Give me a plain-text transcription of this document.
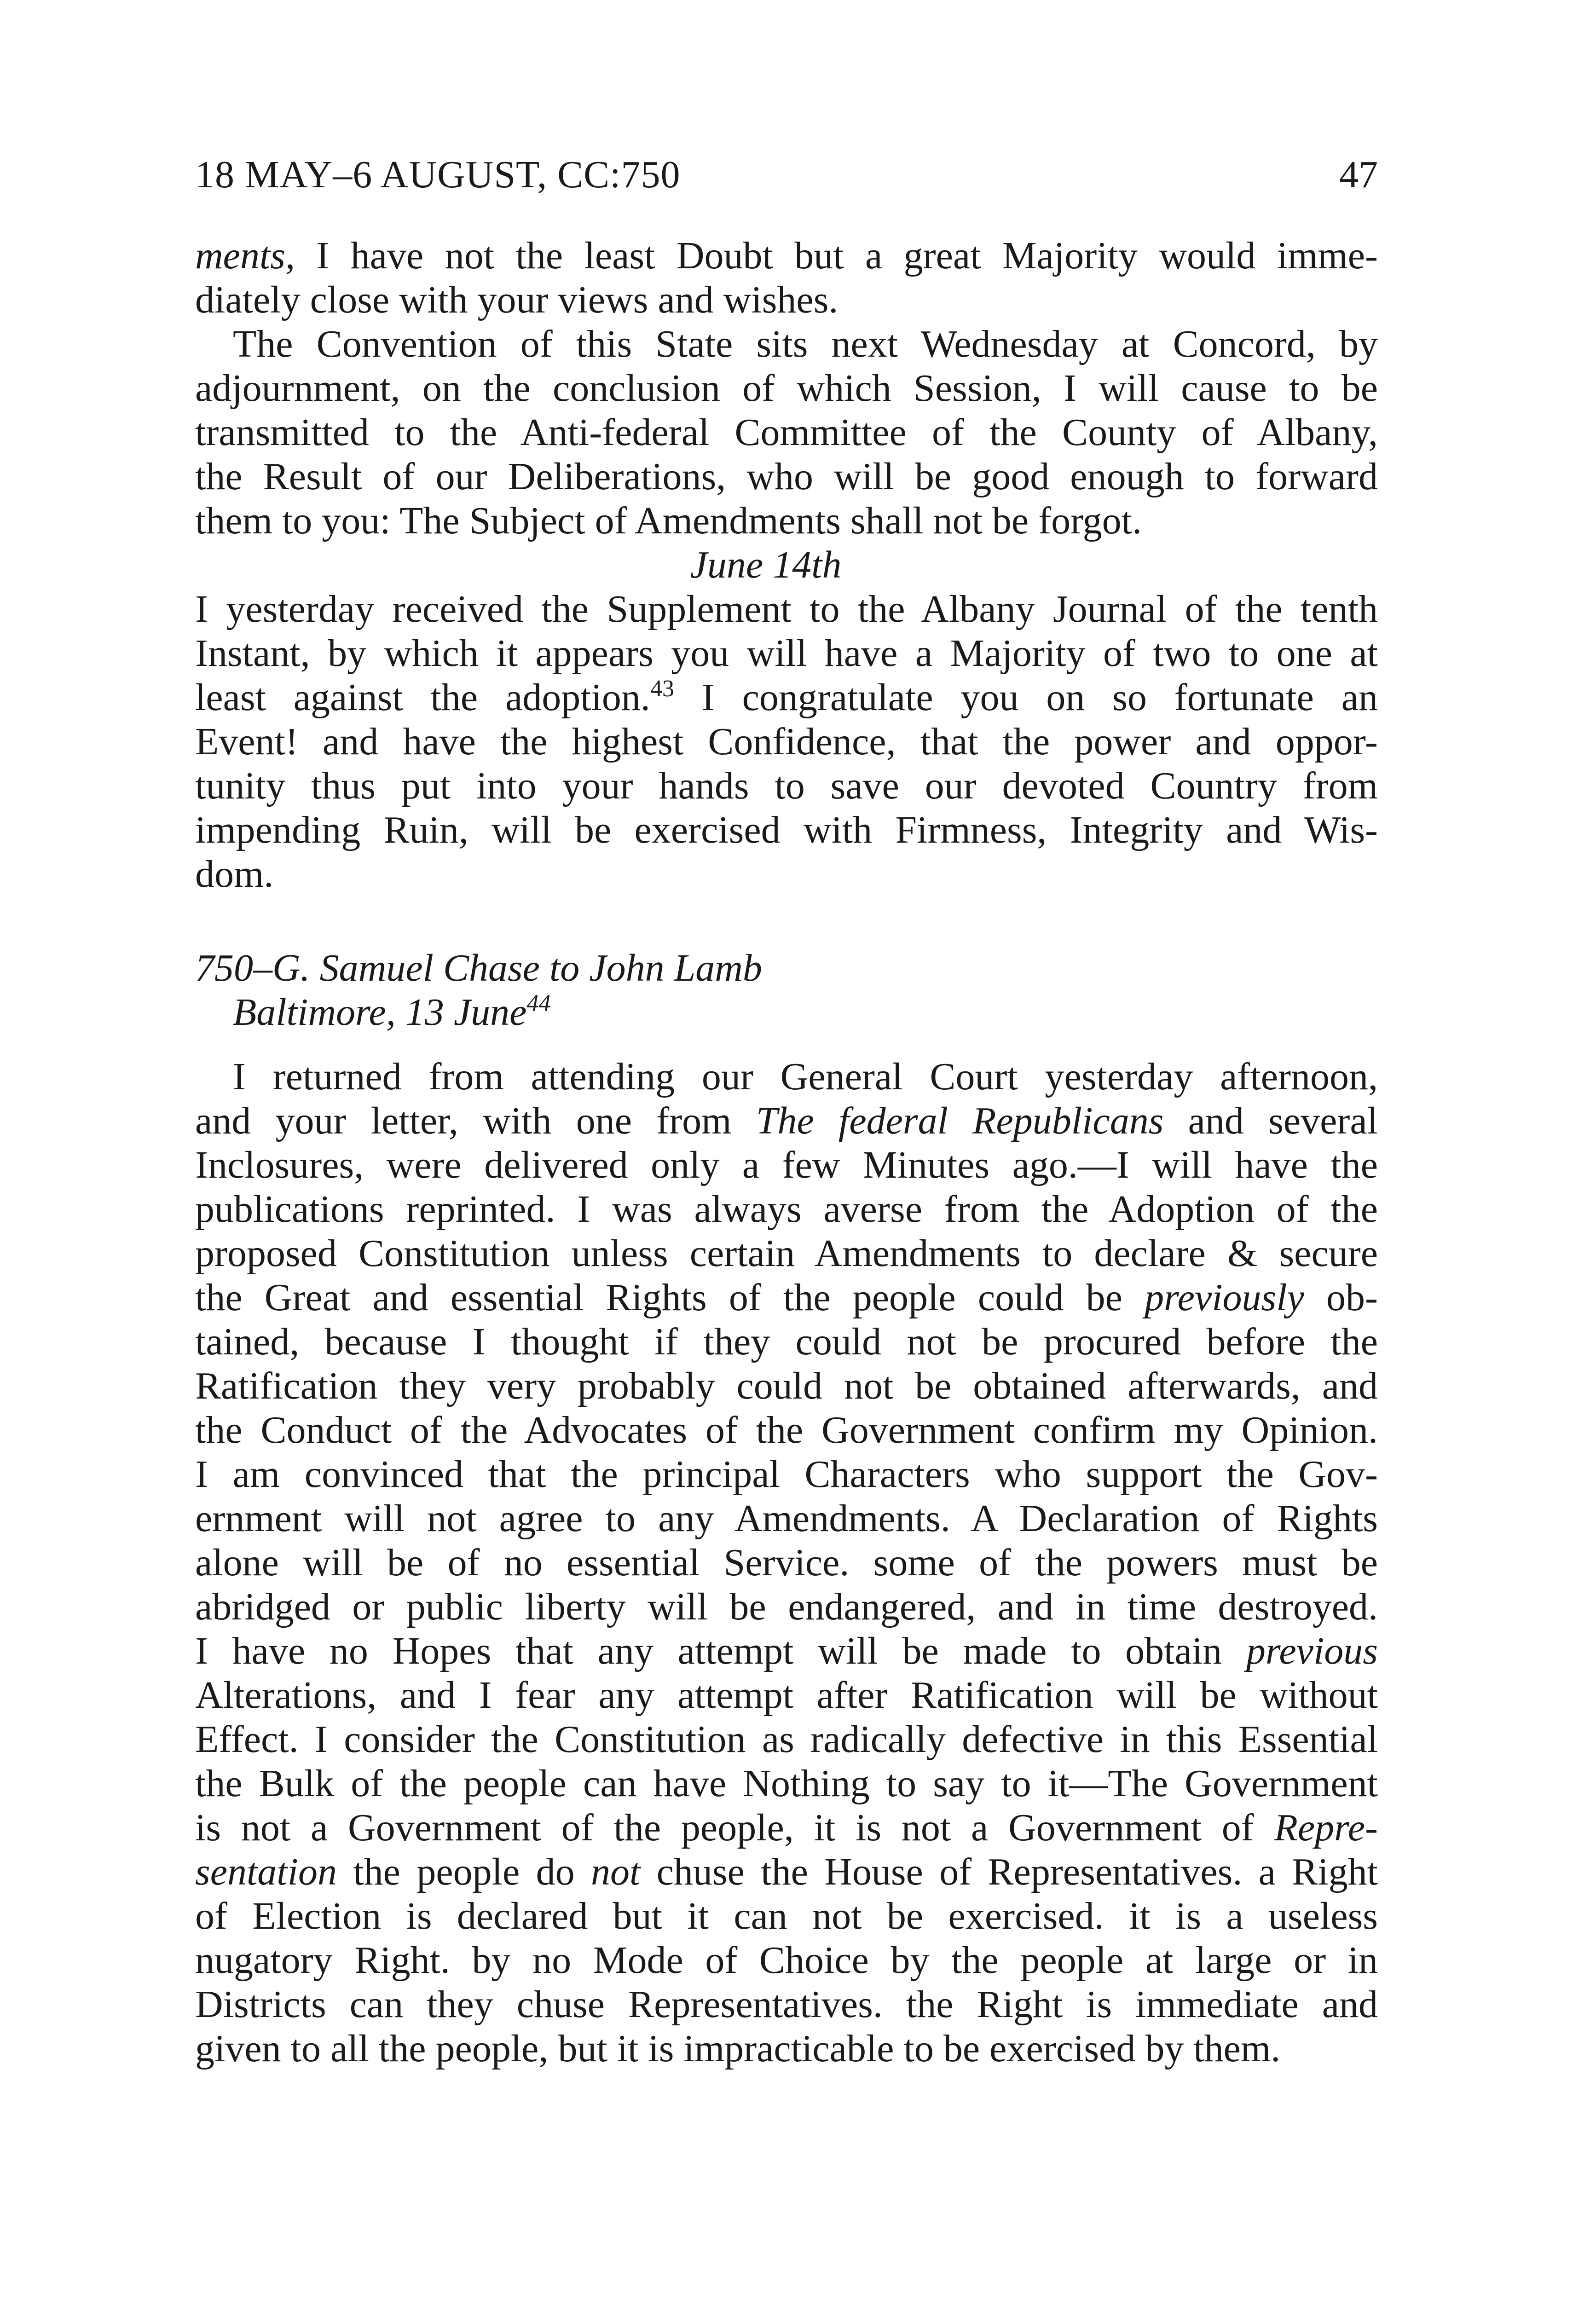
18 MAY–6 AUGUST, CC:750	47
ments, I have not the least Doubt but a great Majority would imme-
diately close with your views and wishes.
The Convention of this State sits next Wednesday at Concord, by
adjournment, on the conclusion of which Session, I will cause to be
transmitted to the Anti-federal Committee of the County of Albany,
the Result of our Deliberations, who will be good enough to forward
them to you: The Subject of Amendments shall not be forgot.
June 14th
I yesterday received the Supplement to the Albany Journal of the tenth
Instant, by which it appears you will have a Majority of two to one at
least against the adoption.$^{43}$ I congratulate you on so fortunate an
Event! and have the highest Confidence, that the power and oppor-
tunity thus put into your hands to save our devoted Country from
impending Ruin, will be exercised with Firmness, Integrity and Wis-
dom.
750–G. Samuel Chase to John Lamb
Baltimore, 13 June$^{44}$
I returned from attending our General Court yesterday afternoon,
and your letter, with one from The federal Republicans and several
Inclosures, were delivered only a few Minutes ago.—I will have the
publications reprinted. I was always averse from the Adoption of the
proposed Constitution unless certain Amendments to declare & secure
the Great and essential Rights of the people could be previously ob-
tained, because I thought if they could not be procured before the
Ratification they very probably could not be obtained afterwards, and
the Conduct of the Advocates of the Government confirm my Opinion.
I am convinced that the principal Characters who support the Gov-
ernment will not agree to any Amendments. A Declaration of Rights
alone will be of no essential Service. some of the powers must be
abridged or public liberty will be endangered, and in time destroyed.
I have no Hopes that any attempt will be made to obtain previous
Alterations, and I fear any attempt after Ratification will be without
Effect. I consider the Constitution as radically defective in this Essential
the Bulk of the people can have Nothing to say to it—The Government
is not a Government of the people, it is not a Government of Repre-
sentation the people do not chuse the House of Representatives. a Right
of Election is declared but it can not be exercised. it is a useless
nugatory Right. by no Mode of Choice by the people at large or in
Districts can they chuse Representatives. the Right is immediate and
given to all the people, but it is impracticable to be exercised by them.
